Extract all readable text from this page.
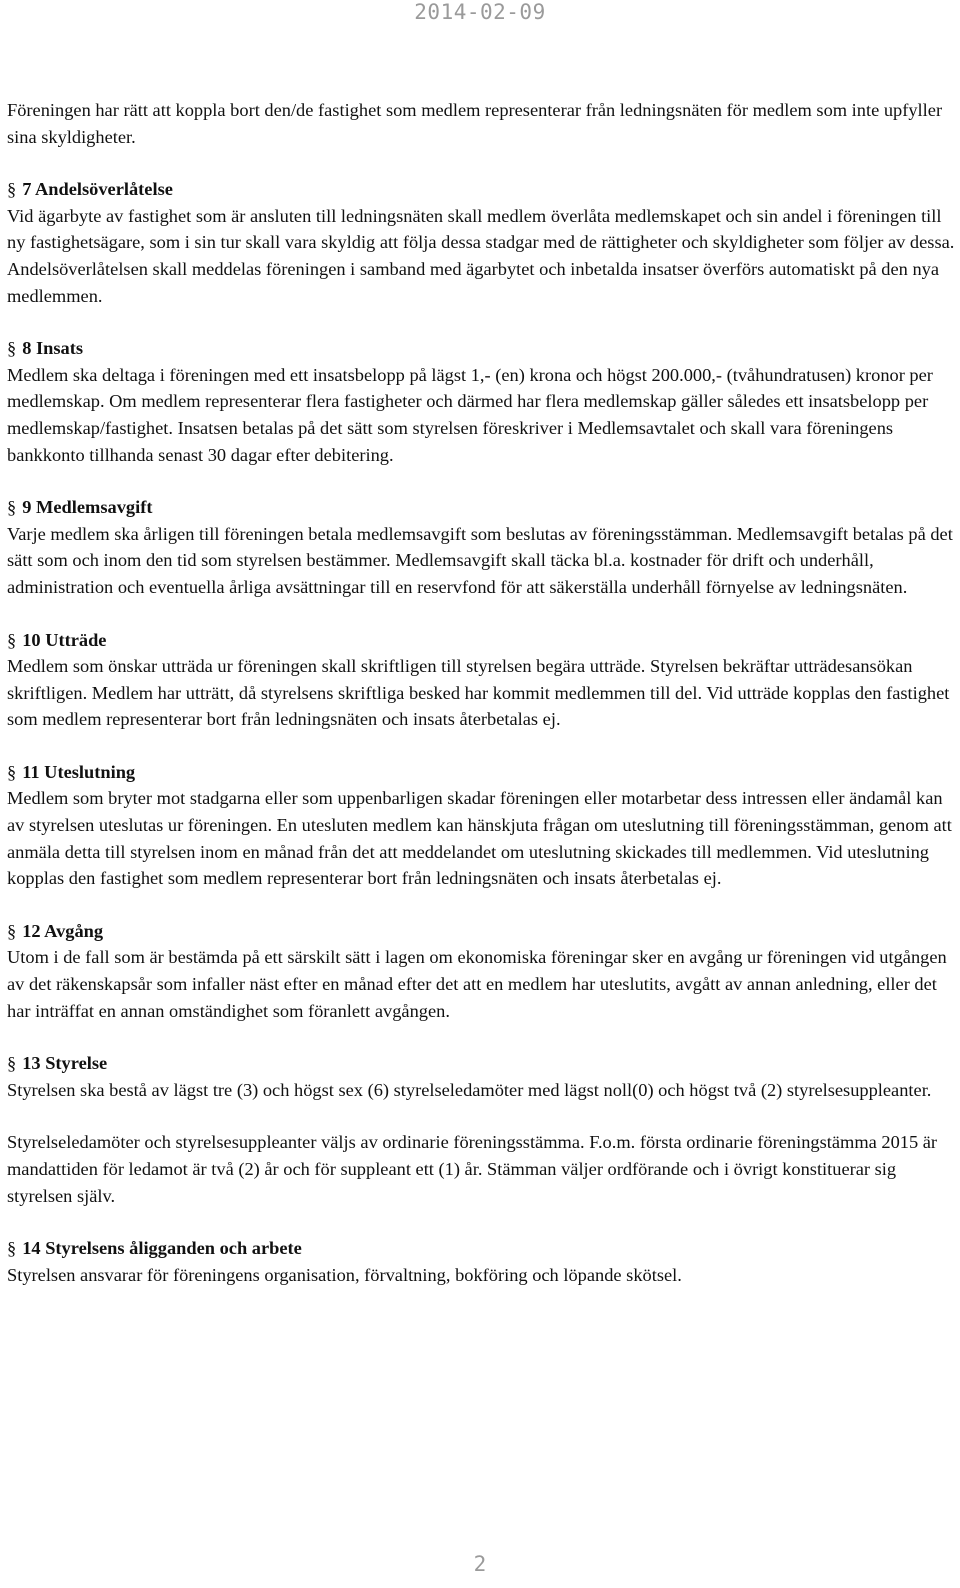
2014-02-09

Föreningen har rätt att koppla bort den/de fastighet som medlem representerar från ledningsnäten för medlem som inte upfyller sina skyldigheter.

§ 7 Andelsöverlåtelse

Vid ägarbyte av fastighet som är ansluten till ledningsnäten skall medlem överlåta medlemskapet och sin andel i föreningen till ny fastighetsägare, som i sin tur skall vara skyldig att följa dessa stadgar med de rättigheter och skyldigheter som följer av dessa. Andelsöverlåtelsen skall meddelas föreningen i samband med ägarbytet och inbetalda insatser överförs automatiskt på den nya medlemmen.

§ 8 Insats

Medlem ska deltaga i föreningen med ett insatsbelopp på lägst 1,- (en) krona och högst 200.000,- (tvåhundratusen) kronor per medlemskap. Om medlem representerar flera fastigheter och därmed har flera medlemskap gäller således ett insatsbelopp per medlemskap/fastighet. Insatsen betalas på det sätt som styrelsen föreskriver i Medlemsavtalet och skall vara föreningens bankkonto tillhanda senast 30 dagar efter debitering.

§ 9 Medlemsavgift

Varje medlem ska årligen till föreningen betala medlemsavgift som beslutas av föreningsstämman. Medlemsavgift betalas på det sätt som och inom den tid som styrelsen bestämmer. Medlemsavgift skall täcka bl.a. kostnader för drift och underhåll, administration och eventuella årliga avsättningar till en reservfond för att säkerställa underhåll förnyelse av ledningsnäten.

§ 10 Utträde

Medlem som önskar utträda ur föreningen skall skriftligen till styrelsen begära utträde. Styrelsen bekräftar utträdesansökan skriftligen. Medlem har utträtt, då styrelsens skriftliga besked har kommit medlemmen till del. Vid utträde kopplas den fastighet som medlem representerar bort från ledningsnäten och insats återbetalas ej.

§ 11 Uteslutning

Medlem som bryter mot stadgarna eller som uppenbarligen skadar föreningen eller motarbetar dess intressen eller ändamål kan av styrelsen uteslutas ur föreningen. En utesluten medlem kan hänskjuta frågan om uteslutning till föreningsstämman, genom att anmäla detta till styrelsen inom en månad från det att meddelandet om uteslutning skickades till medlemmen. Vid uteslutning kopplas den fastighet som medlem representerar bort från ledningsnäten och insats återbetalas ej.

§ 12 Avgång

Utom i de fall som är bestämda på ett särskilt sätt i lagen om ekonomiska föreningar sker en avgång ur föreningen vid utgången av det räkenskapsår som infaller näst efter en månad efter det att en medlem har uteslutits, avgått av annan anledning, eller det har inträffat en annan omständighet som föranlett avgången.

§ 13 Styrelse

Styrelsen ska bestå av lägst tre (3) och högst sex (6) styrelseledamöter med lägst noll(0) och högst två (2) styrelsesuppleanter.

Styrelseledamöter och styrelsesuppleanter väljs av ordinarie föreningsstämma. F.o.m. första ordinarie föreningstämma 2015 är mandattiden för ledamot är två (2) år och för suppleant ett (1) år. Stämman väljer ordförande och i övrigt konstituerar sig styrelsen själv.

§ 14 Styrelsens åligganden och arbete

Styrelsen ansvarar för föreningens organisation, förvaltning, bokföring och löpande skötsel.

2
